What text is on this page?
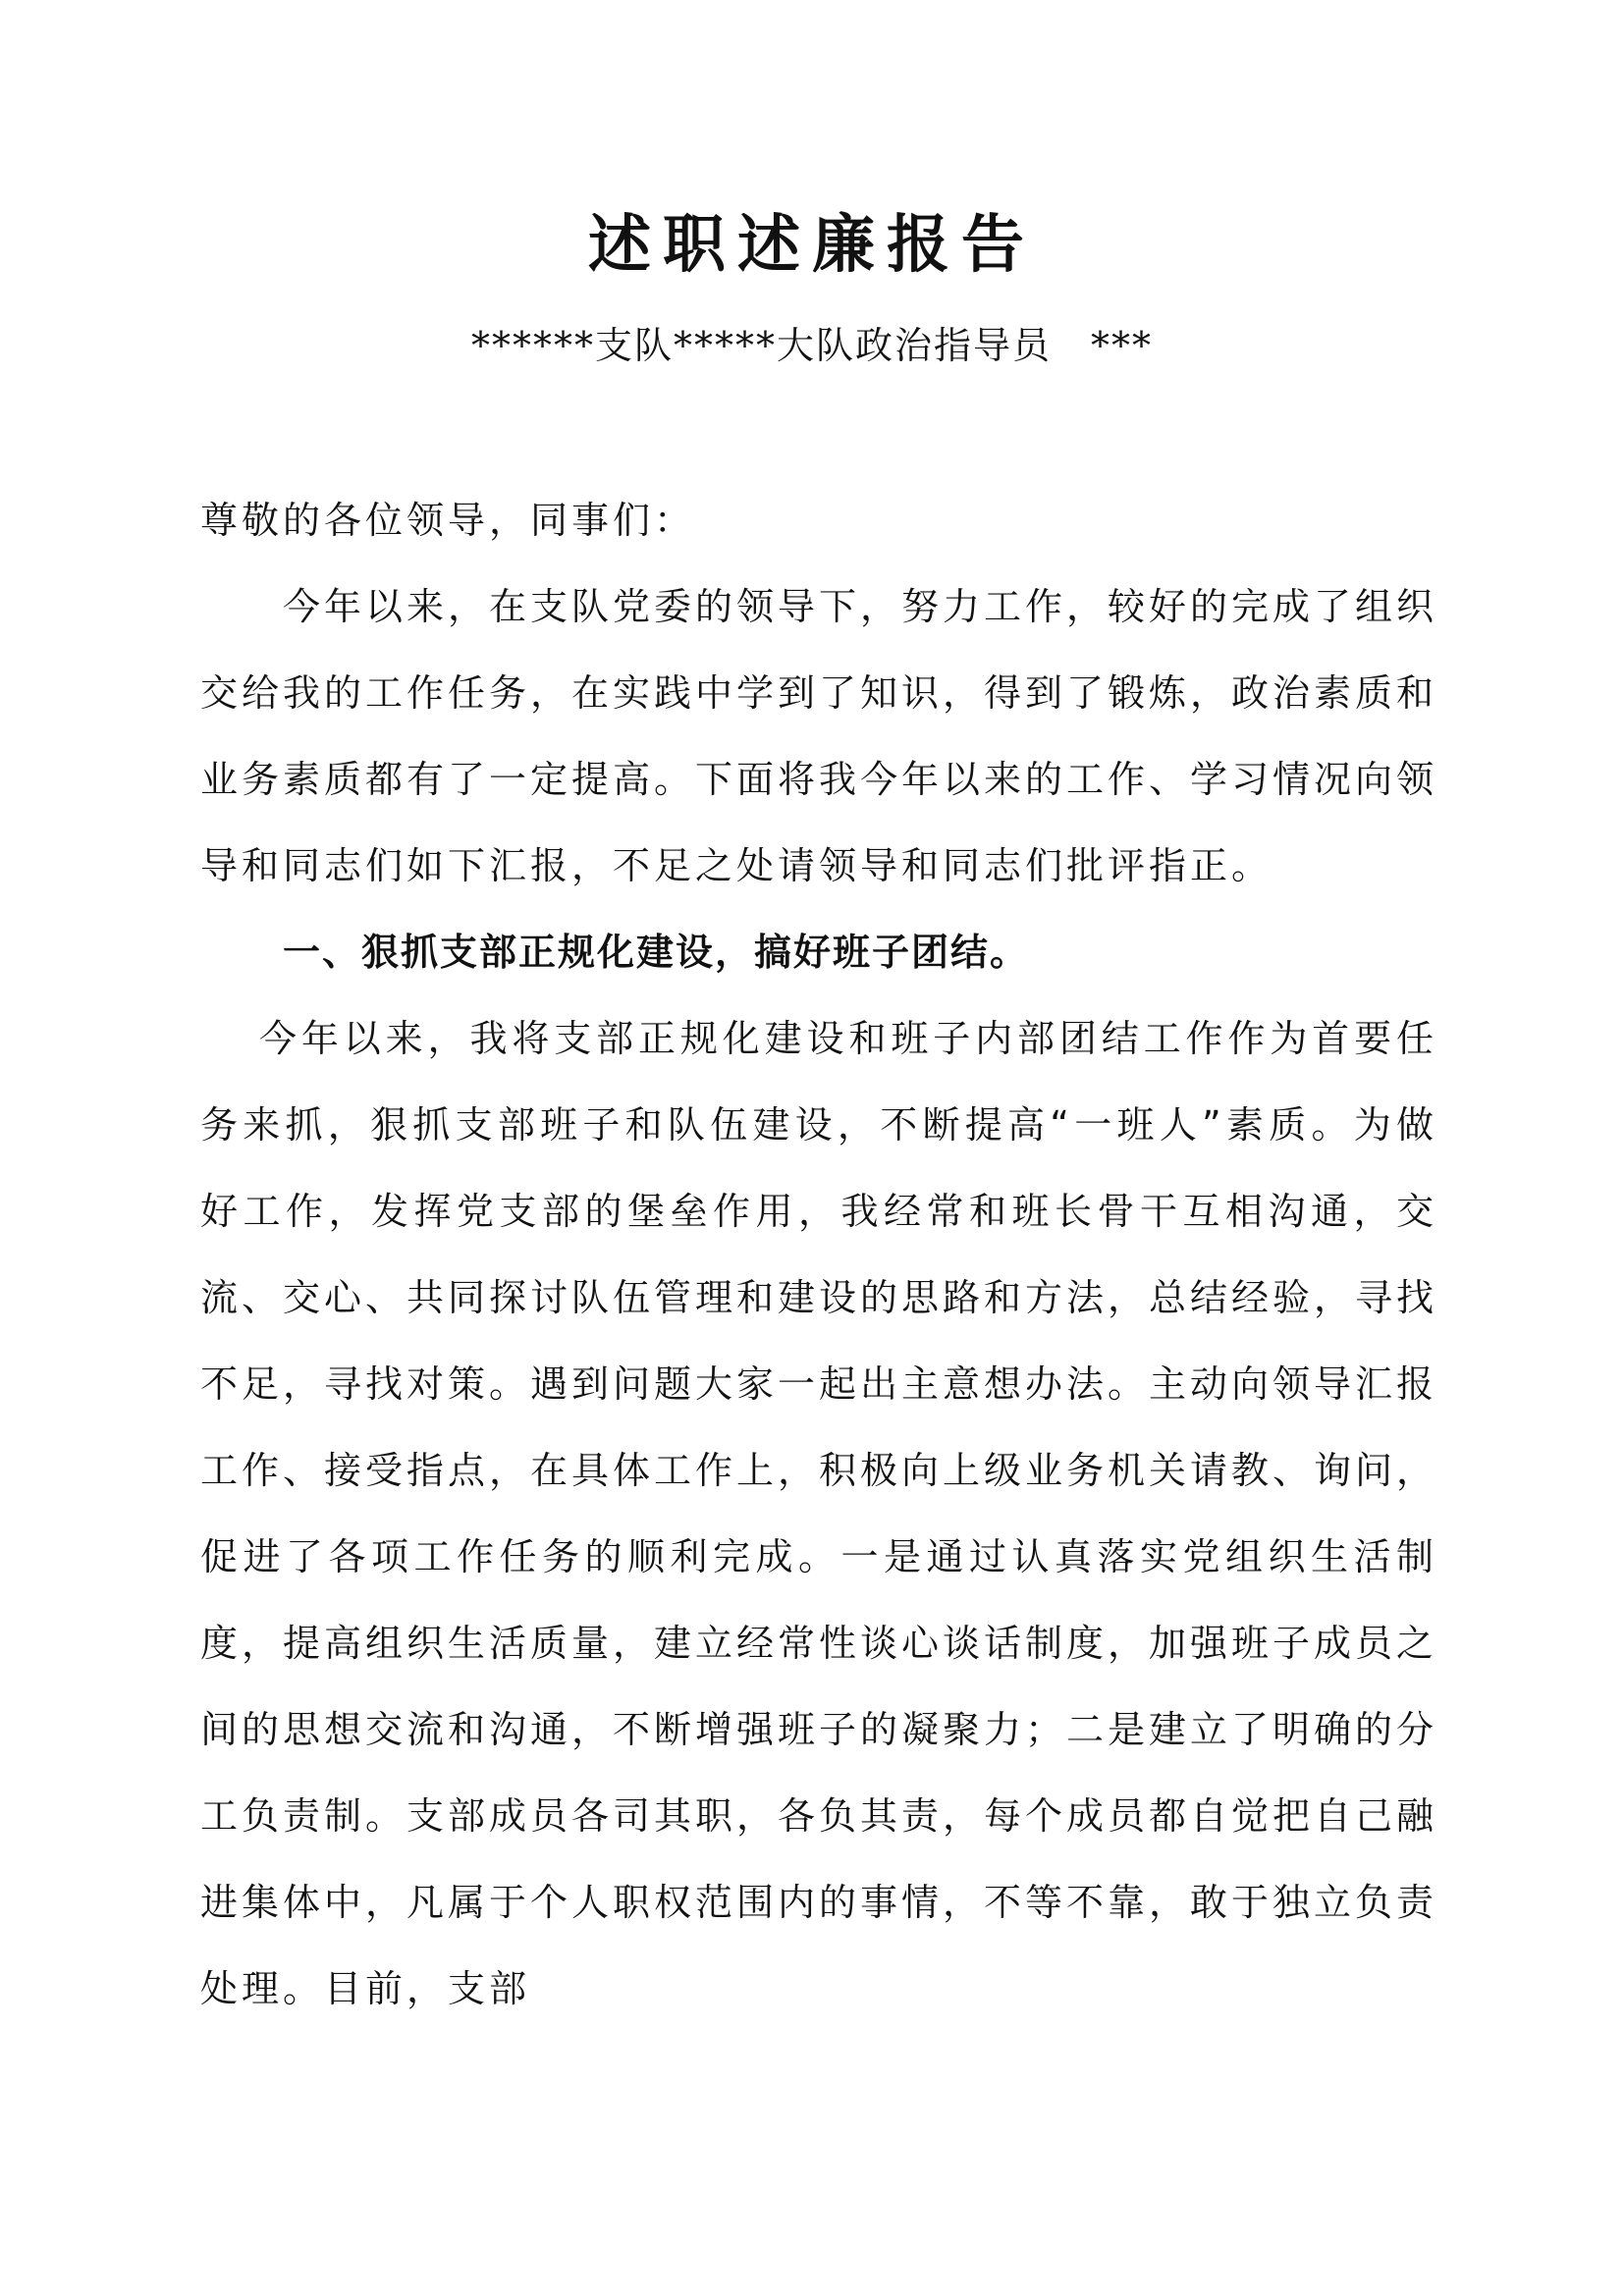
述职述廉报告

******支队*****大队政治指导员　***

尊敬的各位领导，同事们：

今年以来，在支队党委的领导下，努力工作，较好的完成了组织交给我的工作任务，在实践中学到了知识，得到了锻炼，政治素质和业务素质都有了一定提高。下面将我今年以来的工作、学习情况向领导和同志们如下汇报，不足之处请领导和同志们批评指正。

一、狠抓支部正规化建设，搞好班子团结。

今年以来，我将支部正规化建设和班子内部团结工作作为首要任务来抓，狠抓支部班子和队伍建设，不断提高“一班人”素质。为做好工作，发挥党支部的堡垒作用，我经常和班长骨干互相沟通，交流、交心、共同探讨队伍管理和建设的思路和方法，总结经验，寻找不足，寻找对策。遇到问题大家一起出主意想办法。主动向领导汇报工作、接受指点，在具体工作上，积极向上级业务机关请教、询问，促进了各项工作任务的顺利完成。一是通过认真落实党组织生活制度，提高组织生活质量，建立经常性谈心谈话制度，加强班子成员之间的思想交流和沟通，不断增强班子的凝聚力；二是建立了明确的分工负责制。支部成员各司其职，各负其责，每个成员都自觉把自己融进集体中，凡属于个人职权范围内的事情，不等不靠，敢于独立负责处理。目前，支部
